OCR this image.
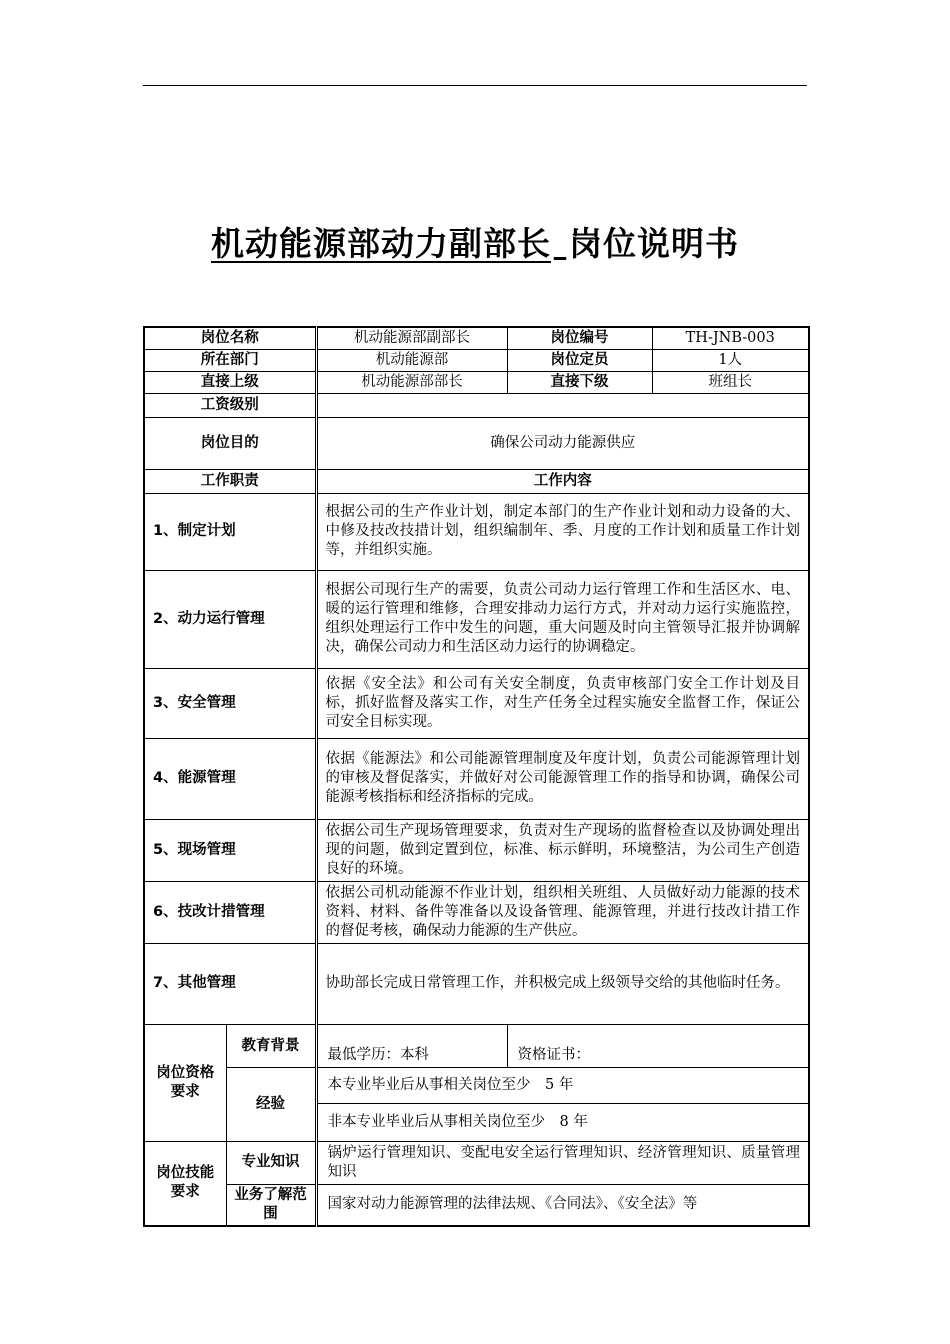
机动能源部动力副部长 岗位说明书
岗位名称		机动能源部副部长	岗位编号	TH-JNB-003
所在部门		机动能源部	岗位定员	1人
直接上级		机动能源部部长	直接下级	班组长
工资级别				
岗位目的		确保公司动力能源供应		
工作职责		工作内容		
1、制定计划		根据公司的生产作业计划，制定本部门的生产作业计划和动力设备的大、中修及技改技措计划，组织编制年、季、月度的工作计划和质量工作计划等，并组织实施。		
2、动力运行管理		根据公司现行生产的需要，负责公司动力运行管理工作和生活区水、电、暖的运行管理和维修，合理安排动力运行方式，并对动力运行实施监控，组织处理运行工作中发生的问题，重大问题及时向主管领导汇报并协调解决，确保公司动力和生活区动力运行的协调稳定。		
3、安全管理		依据《安全法》和公司有关安全制度，负责审核部门安全工作计划及目标，抓好监督及落实工作，对生产任务全过程实施安全监督工作，保证公司安全目标实现。		
4、能源管理		依据《能源法》和公司能源管理制度及年度计划，负责公司能源管理计划的审核及督促落实，并做好对公司能源管理工作的指导和协调，确保公司能源考核指标和经济指标的完成。		
5、现场管理		依据公司生产现场管理要求，负责对生产现场的监督检查以及协调处理出现的问题，做到定置到位，标准、标示鲜明，环境整洁，为公司生产创造良好的环境。		
6、技改计措管理		依据公司机动能源不作业计划，组织相关班组、人员做好动力能源的技术资料、材料、备件等准备以及设备管理、能源管理，并进行技改计措工作的督促考核，确保动力能源的生产供应。		
7、其他管理		协助部长完成日常管理工作，并积极完成上级领导交给的其他临时任务。		
岗位资格要求	教育背景	最低学历：本科	资格证书：	
	经验	本专业毕业后从事相关岗位至少　5 年		
		非本专业毕业后从事相关岗位至少　8 年		
岗位技能要求	专业知识	锅炉运行管理知识、变配电安全运行管理知识、经济管理知识、质量管理知识		
	业务了解范围	国家对动力能源管理的法律法规、《合同法》、《安全法》等		
